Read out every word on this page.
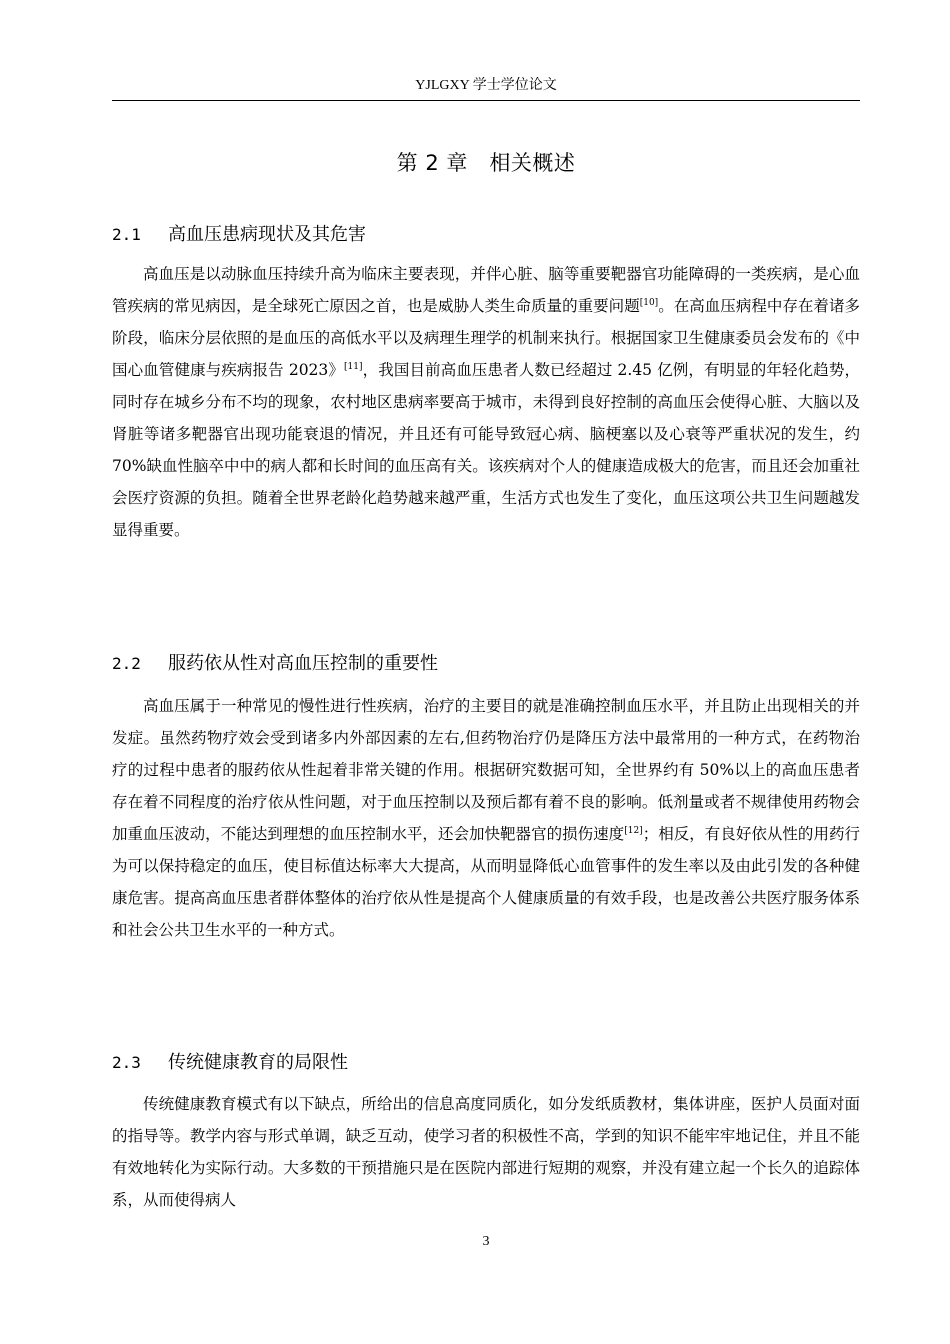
YJLGXY 学士学位论文
第 2 章　相关概述
2.1 高血压患病现状及其危害
高血压是以动脉血压持续升高为临床主要表现，并伴心脏、脑等重要靶器官功能障碍的一类疾病，是心血管疾病的常见病因，是全球死亡原因之首，也是威胁人类生命质量的重要问题[10]。在高血压病程中存在着诸多阶段，临床分层依照的是血压的高低水平以及病理生理学的机制来执行。根据国家卫生健康委员会发布的《中国心血管健康与疾病报告 2023》[11]，我国目前高血压患者人数已经超过 2.45 亿例，有明显的年轻化趋势，同时存在城乡分布不均的现象，农村地区患病率要高于城市，未得到良好控制的高血压会使得心脏、大脑以及肾脏等诸多靶器官出现功能衰退的情况，并且还有可能导致冠心病、脑梗塞以及心衰等严重状况的发生，约 70%缺血性脑卒中中的病人都和长时间的血压高有关。该疾病对个人的健康造成极大的危害，而且还会加重社会医疗资源的负担。随着全世界老龄化趋势越来越严重，生活方式也发生了变化，血压这项公共卫生问题越发显得重要。
2.2 服药依从性对高血压控制的重要性
高血压属于一种常见的慢性进行性疾病，治疗的主要目的就是准确控制血压水平，并且防止出现相关的并发症。虽然药物疗效会受到诸多内外部因素的左右,但药物治疗仍是降压方法中最常用的一种方式，在药物治疗的过程中患者的服药依从性起着非常关键的作用。根据研究数据可知，全世界约有 50%以上的高血压患者存在着不同程度的治疗依从性问题，对于血压控制以及预后都有着不良的影响。低剂量或者不规律使用药物会加重血压波动，不能达到理想的血压控制水平，还会加快靶器官的损伤速度[12]；相反，有良好依从性的用药行为可以保持稳定的血压，使目标值达标率大大提高，从而明显降低心血管事件的发生率以及由此引发的各种健康危害。提高高血压患者群体整体的治疗依从性是提高个人健康质量的有效手段，也是改善公共医疗服务体系和社会公共卫生水平的一种方式。
2.3 传统健康教育的局限性
传统健康教育模式有以下缺点，所给出的信息高度同质化，如分发纸质教材，集体讲座，医护人员面对面的指导等。教学内容与形式单调，缺乏互动，使学习者的积极性不高，学到的知识不能牢牢地记住，并且不能有效地转化为实际行动。大多数的干预措施只是在医院内部进行短期的观察，并没有建立起一个长久的追踪体系，从而使得病人
3
